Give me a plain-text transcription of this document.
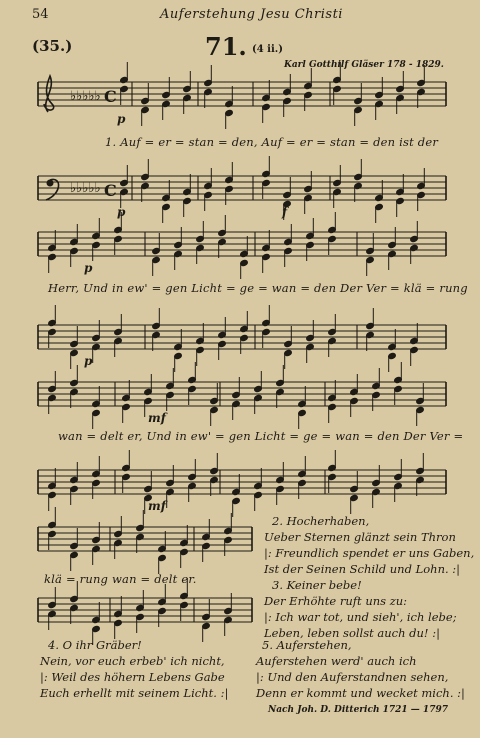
54	Auferstehung Jesu Christi
(35.)	71. (4 ii.)
Karl Gotthilf Gläser 178 - 1829.
♭♭♭♭♭ C
♭♭♭♭♭ C
1. Auf = er = stan = den, Auf = er = stan = den ist der
Herr, Und in ew' = gen Licht = ge = wan = den Der Ver = klä = rung
wan = delt er, Und in ew' = gen Licht = ge = wan = den Der Ver =
klä = rung wan = delt er.
p
p	f
p
p
mf
mf
2. Hocherhaben,
Ueber Sternen glänzt sein Thron
|: Freundlich spendet er uns Gaben,
Ist der Seinen Schild und Lohn. :|
3. Keiner bebe!
Der Erhöhte ruft uns zu:
|: Ich war tot, und sieh', ich lebe;
Leben, leben sollst auch du! :|
4. O ihr Gräber!
Nein, vor euch erbeb' ich nicht,
|: Weil des höhern Lebens Gabe
Euch erhellt mit seinem Licht. :|
5. Auferstehen,
Auferstehen werd' auch ich
|: Und den Auferstandnen sehen,
Denn er kommt und wecket mich. :|
Nach Joh. D. Ditterich 1721 — 1797
